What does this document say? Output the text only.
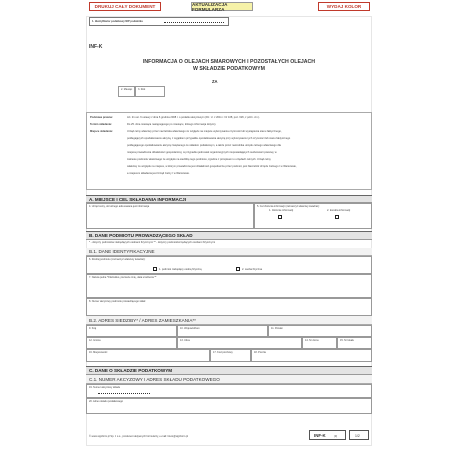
DRUKUJ CAŁY DOKUMENT	AKTUALIZACJA FORMULARZA	WYDAJ KOLOR
1. Identyfikator podatkowy NIP podatnika
INF-K
INFORMACJA O OLEJACH SMAROWYCH I POZOSTAŁYCH OLEJACH
W SKŁADZIE PODATKOWYM
ZA
2. Miesiąc 3. Rok
Podstawa prawna:	Art. 21 ust. 6 ustawy z dnia 6 grudnia 2008 r. o podatku akcyzowym (Dz. U. z 2011 r. Nr 108, poz. 626, z późn. zm.).
Termin składania:	Do 25. dnia miesiąca następującego po miesiącu, którego informacja dotyczy.
Miejsce składania:	Urząd celny właściwy przez naczelnika właściwego ze względu na miejsce wykonywania czynności lub wystąpienia stanu faktycznego,
podlegających opodatkowaniu akcyzą, z wyjątkiem przypadku opodatkowania akcyzą przy wykonywaniu tych czynności lub stanu faktycznego
podlegającego opodatkowaniu akcyzą związanego ze składem podatkowym, a także przez naczelnika urzędu celnego właściwego dla
miejsca prowadzenia działalności gospodarczej, w przypadku jednostek organizacyjnych nieposiadających osobowości prawnej, w
zakresie podmiotu właściwego ze względu na siedzibę tego podmiotu, zgodnie z przepisami o urzędach celnych. Urząd celny
właściwy ze względu na miejsce, w którym prowadzona jest działalność gospodarcza przez podmiot, jest Naczelnik Urzędu Celnego I w Warszawie,
a miejscem składania jest Urząd Celny I w Warszawie.
A. MIEJSCE I CEL SKŁADANIA INFORMACJI
4. Urząd celny, do którego adresowana jest informacja	5. Cel złożenia informacji (zaznaczyć właściwy kwadrat):
1. złożenie informacji	2. korekta informacji
B. DANE PODMIOTU PROWADZĄCEGO SKŁAD
* - dotyczy podmiotów niebędących osobami fizycznymi ** - dotyczy podmiotów będących osobami fizycznymi
B.1. DANE IDENTYFIKACYJNE
6. Rodzaj podmiotu (zaznaczyć właściwy kwadrat):
1. podmiot niebędący osobą fizyczną	2. osoba fizyczna
7. Nazwa pełna */Nazwisko, pierwsze imię, data urodzenia **
8. Numer akcyzowy podmiotu prowadzącego skład
B.2. ADRES SIEDZIBY* / ADRES ZAMIESZKANIA**
9. Kraj	10. Województwo	11. Powiat
12. Gmina	13. Ulica	14. Nr domu	15. Nr lokalu
16. Miejscowość	17. Kod pocztowy	18. Poczta
C. DANE O SKŁADZIE PODATKOWYM
C.1. NUMER AKCYZOWY I ADRES SKŁADU PODATKOWEGO
19. Numer akcyzowy składu
20. Adres składu podatkowego
© www.signform.pl Sp. z o.o., producent aktywnych formularzy, e-mail: biuro@signform.pl	INF-K	(3)	1/2
